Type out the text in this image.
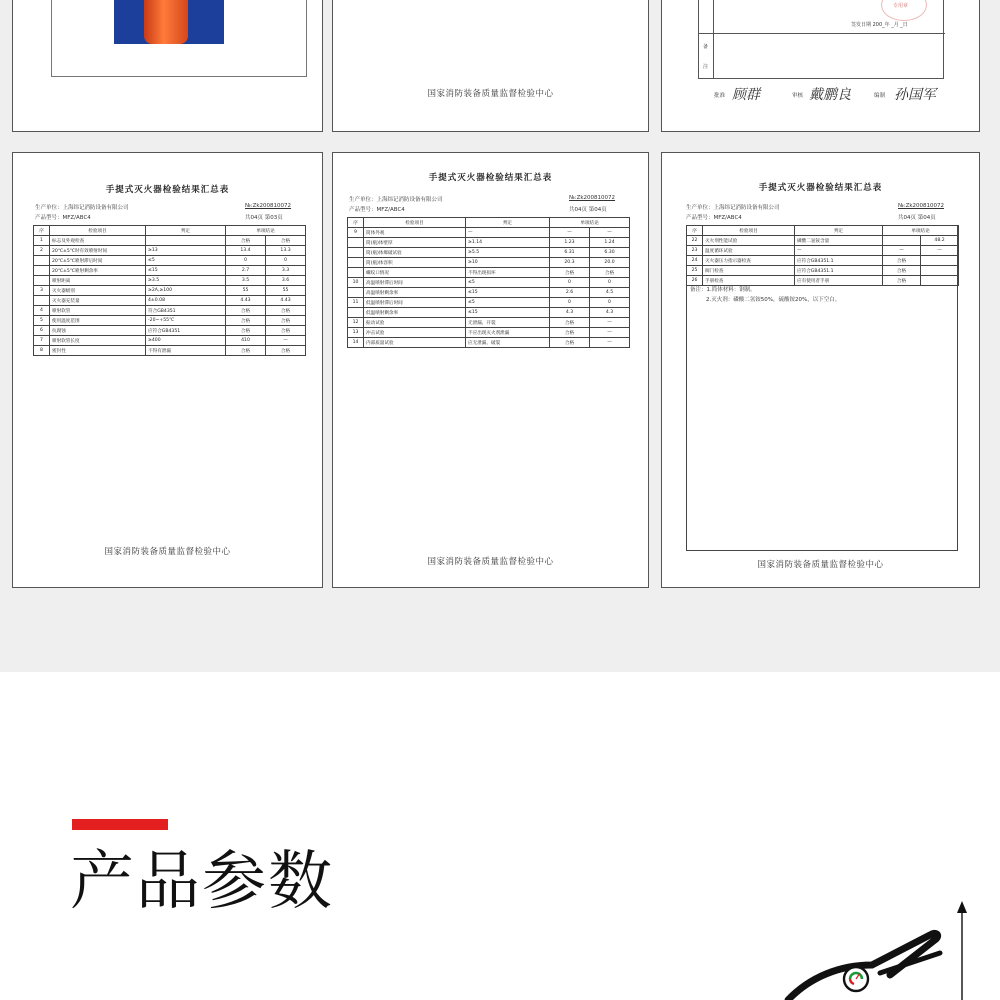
国家消防装备质量监督检验中心
备
注
签发日期 200_年 _月 _日
专用章
批准 顾群	审核 戴鹏良	编制 孙国军
手提式灭火器检验结果汇总表
生产单位：上海纬记消防设备有限公司
产品型号：MFZ/ABC4
№:Zk200810072
共04页 第03页
序	检验项目	判定	单项结论	
1	标志及外观检查		合格	合格
2	20℃±5℃时有效喷射时间	≥13	13.4	13.3
	20℃±5℃喷射滞后时间	≤5	0	0
	20℃±5℃喷射剩余率	≤15	2.7	3.3
	喷射距离	≥3.5	3.5	3.6
3	灭火器级别	≥2A,≥100	55	55
	灭火器充装量	4±0.08	4.43	4.43
4	喷射软管	符合GB4351	合格	合格
5	使用温度范围	-20~+55℃	合格	合格
6	抗腐蚀	应符合GB4351	合格	合格
7	喷射软管长度	≥400	410	—
8	密封性	不得有泄漏	合格	合格
国家消防装备质量监督检验中心
手提式灭火器检验结果汇总表
生产单位：上海纬记消防设备有限公司
产品型号：MFZ/ABC4
№:Zk200810072
共04页 第04页
序	检验项目	判定	单项结论	
9	筒体外观	—	—	—
	筒(瓶)体壁厚	≥1.14	1.23	1.24
	筒(瓶)体爆破试验	≥5.5	6.31	6.30
	筒(瓶)体容积	≥10	20.3	20.0
	螺纹口情况	不得出现损坏	合格	合格
10	高温喷射滞后时间	≤5	0	0
	高温喷射剩余率	≤15	2.6	4.5
11	低温喷射滞后时间	≤5	0	0
	低温喷射剩余率	≤15	4.3	4.3
12	振动试验	无泄漏、开裂	合格	—
13	冲击试验	不应出现灭火剂泄漏	合格	—
14	内部质量试验	应无泄漏、破裂	合格	—
国家消防装备质量监督检验中心
手提式灭火器检验结果汇总表
生产单位：上海纬记消防设备有限公司
产品型号：MFZ/ABC4
№:Zk200810072
共04页 第04页
序	检验项目	判定	单项结论	
22	灭火剂性能试验	磷酸二氢铵含量		48.2
23	温度循环试验	—	—	—
24	灭火器压力指示器检查	应符合GB4351.1	合格	
25	阀门检查	应符合GB4351.1	合格	
26	手册检查	应有使用者手册	合格	
备注：1.简体材料：钢制。
2.灭火剂：磷酸二氢铵50%，硫酸铵20%，以下空白。
国家消防装备质量监督检验中心
产品参数
